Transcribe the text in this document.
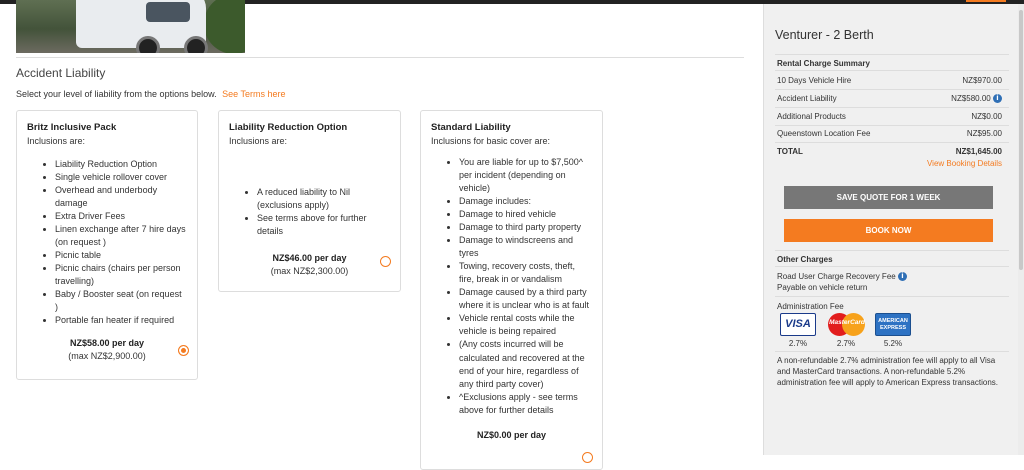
Accident Liability
Select your level of liability from the options below. See Terms here
Britz Inclusive Pack
Inclusions are:
• Liability Reduction Option
• Single vehicle rollover cover
• Overhead and underbody damage
• Extra Driver Fees
• Linen exchange after 7 hire days (on request )
• Picnic table
• Picnic chairs (chairs per person travelling)
• Baby / Booster seat (on request )
• Portable fan heater if required
NZ$58.00 per day
(max NZ$2,900.00)
Liability Reduction Option
Inclusions are:
• A reduced liability to Nil (exclusions apply)
• See terms above for further details
NZ$46.00 per day
(max NZ$2,300.00)
Standard Liability
Inclusions for basic cover are:
• You are liable for up to $7,500^ per incident (depending on vehicle)
• Damage includes:
• Damage to hired vehicle
• Damage to third party property
• Damage to windscreens and tyres
• Towing, recovery costs, theft, fire, break in or vandalism
• Damage caused by a third party where it is unclear who is at fault
• Vehicle rental costs while the vehicle is being repaired
• (Any costs incurred will be calculated and recovered at the end of your hire, regardless of any third party cover)
• ^Exclusions apply - see terms above for further details
NZ$0.00 per day
Venturer - 2 Berth
Rental Charge Summary
10 Days Vehicle Hire	NZ$970.00
Accident Liability	NZ$580.00 i
Additional Products	NZ$0.00
Queenstown Location Fee	NZ$95.00
TOTAL	NZ$1,645.00
View Booking Details
SAVE QUOTE FOR 1 WEEK
BOOK NOW
Other Charges
Road User Charge Recovery Fee i
Payable on vehicle return
Administration Fee
VISA	MasterCard	AMERICAN EXPRESS
2.7%	2.7%	5.2%
A non-refundable 2.7% administration fee will apply to all Visa and MasterCard transactions. A non-refundable 5.2% administration fee will apply to American Express transactions.
